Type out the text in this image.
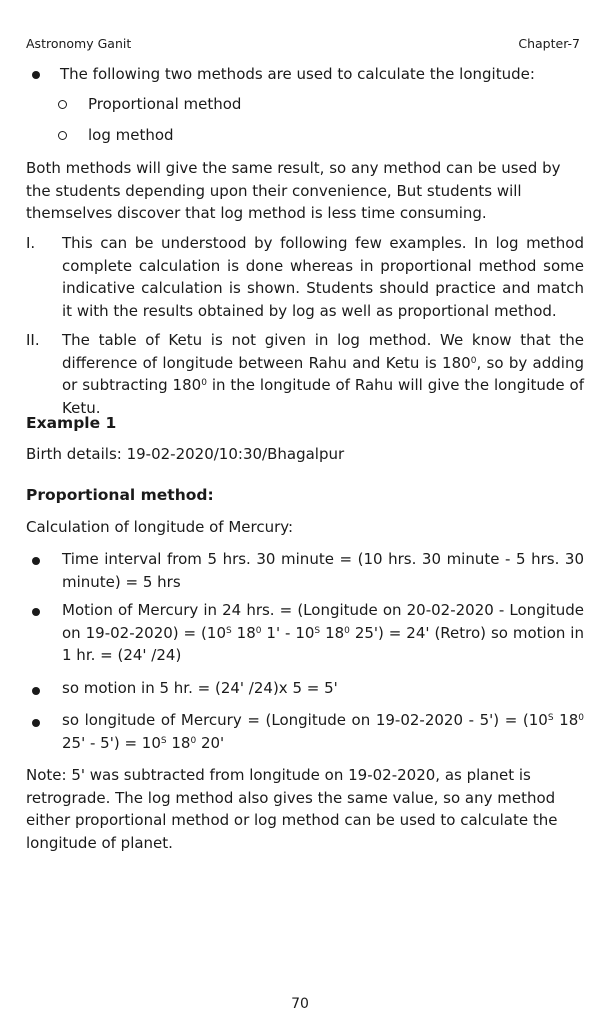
Astronomy Ganit	Chapter-7
The following two methods are used to calculate the longitude:
Proportional method
log method
Both methods will give the same result, so any method can be used by the students depending upon their convenience, But students will themselves discover that log method is less time consuming.
I. This can be understood by following few examples. In log method complete calculation is done whereas in proportional method some indicative calculation is shown. Students should practice and match it with the results obtained by log as well as proportional method.
II. The table of Ketu is not given in log method. We know that the difference of longitude between Rahu and Ketu is $180^0$, so by adding or subtracting $180^0$ in the longitude of Rahu will give the longitude of Ketu.
Example 1
Birth details: 19-02-2020/10:30/Bhagalpur
Proportional method:
Calculation of longitude of Mercury:
Time interval from 5 hrs. 30 minute = (10 hrs. 30 minute - 5 hrs. 30 minute) = 5 hrs
Motion of Mercury in 24 hrs. = (Longitude on 20-02-2020 - Longitude on $19-02-2020) = (10^S$ $18^0$ $1' - 10^S$ $18^0$ 25') = 24' (Retro) so motion in 1 hr. = (24' /24)
so motion in 5 hr. = (24' /24)x 5 = 5'
so longitude of Mercury = (Longitude on $19-02-2020 - 5') = (10^S$ $18^0$ $25' - 5') = 10^S$ $18^0$ 20'
Note: 5' was subtracted from longitude on 19-02-2020, as planet is retrograde. The log method also gives the same value, so any method either proportional method or log method can be used to calculate the longitude of planet.
70
